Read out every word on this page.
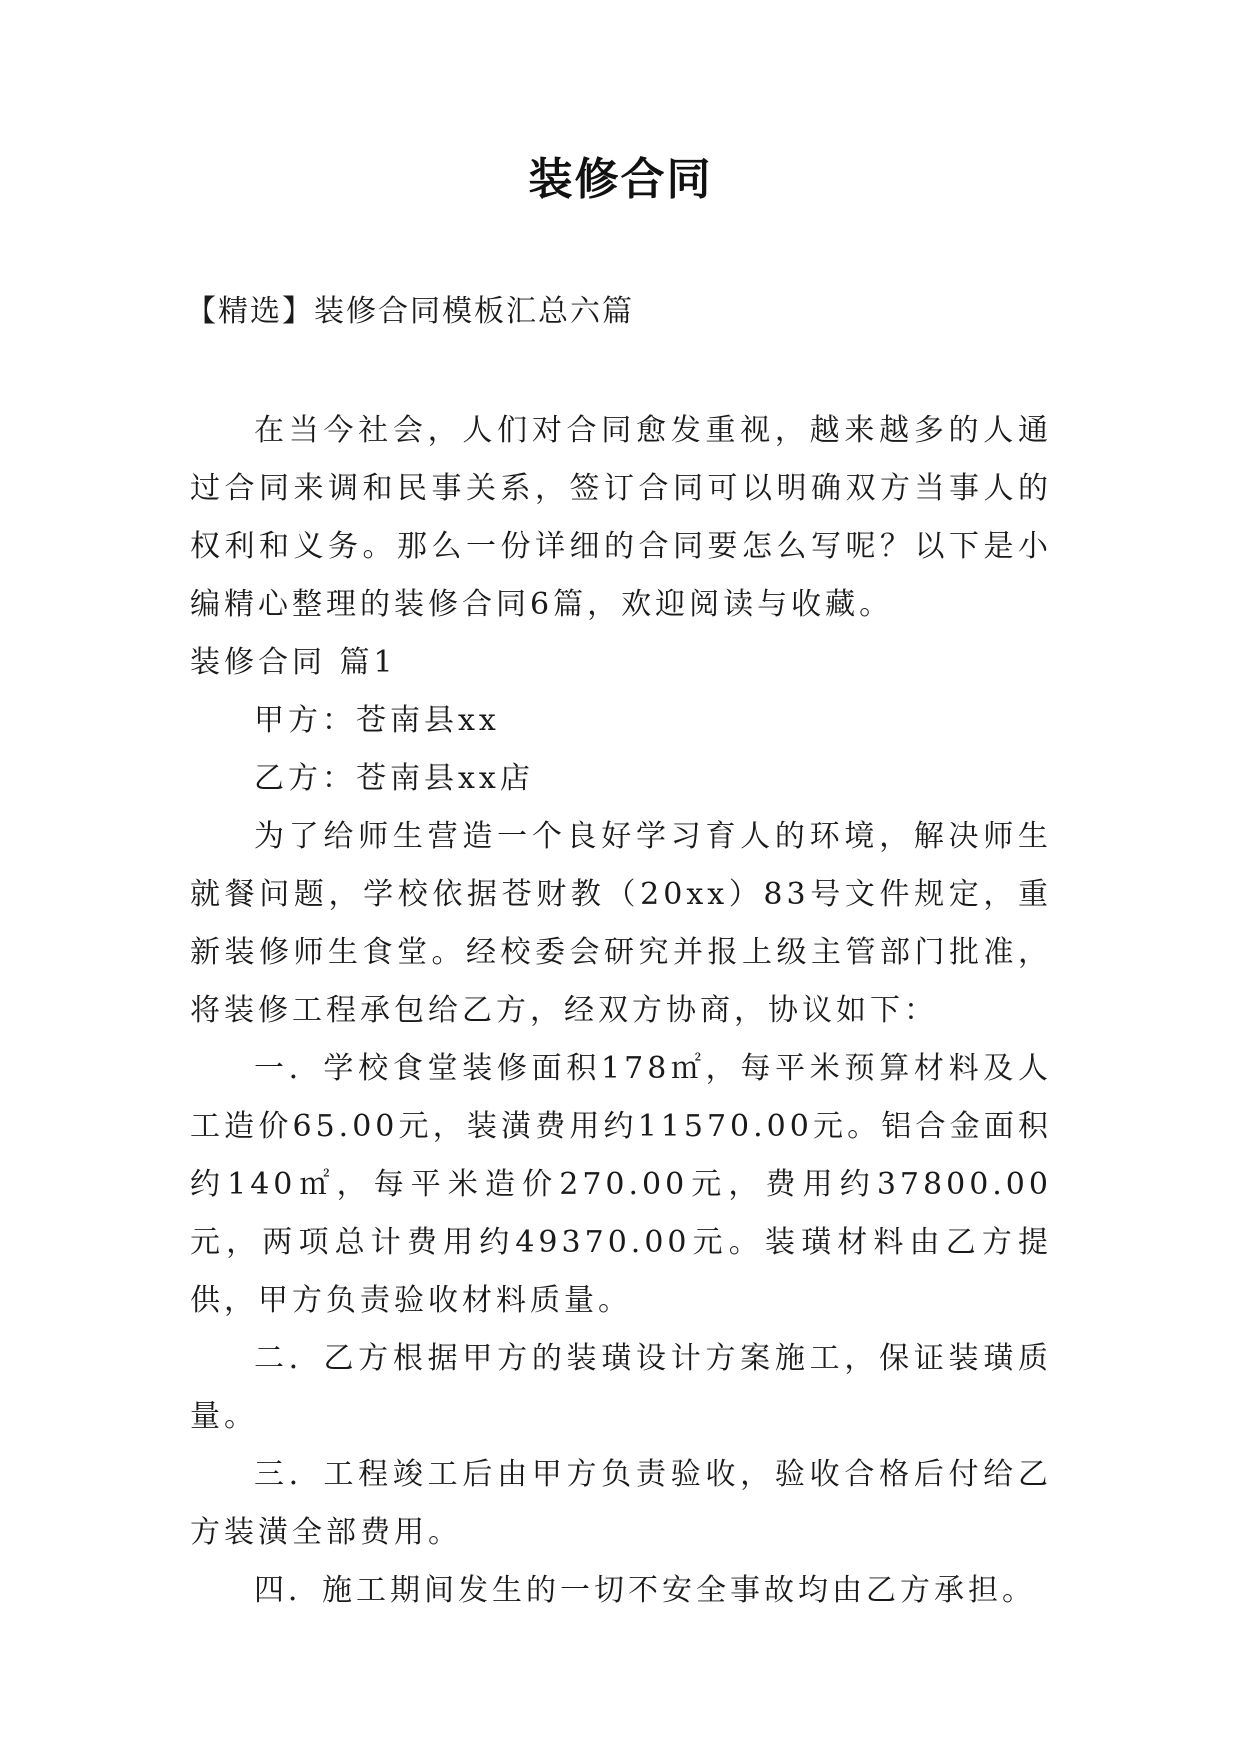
装修合同
【精选】装修合同模板汇总六篇

在当今社会，人们对合同愈发重视，越来越多的人通过合同来调和民事关系，签订合同可以明确双方当事人的权利和义务。那么一份详细的合同要怎么写呢？以下是小编精心整理的装修合同6篇，欢迎阅读与收藏。

装修合同 篇1

甲方：苍南县xx

乙方：苍南县xx店

为了给师生营造一个良好学习育人的环境，解决师生就餐问题，学校依据苍财教（20xx）83号文件规定，重新装修师生食堂。经校委会研究并报上级主管部门批准，将装修工程承包给乙方，经双方协商，协议如下：

一．学校食堂装修面积178㎡，每平米预算材料及人工造价65.00元，装潢费用约11570.00元。铝合金面积约140㎡，每平米造价270.00元，费用约37800.00元，两项总计费用约49370.00元。装璜材料由乙方提供，甲方负责验收材料质量。

二．乙方根据甲方的装璜设计方案施工，保证装璜质量。

三．工程竣工后由甲方负责验收，验收合格后付给乙方装潢全部费用。

四．施工期间发生的一切不安全事故均由乙方承担。
